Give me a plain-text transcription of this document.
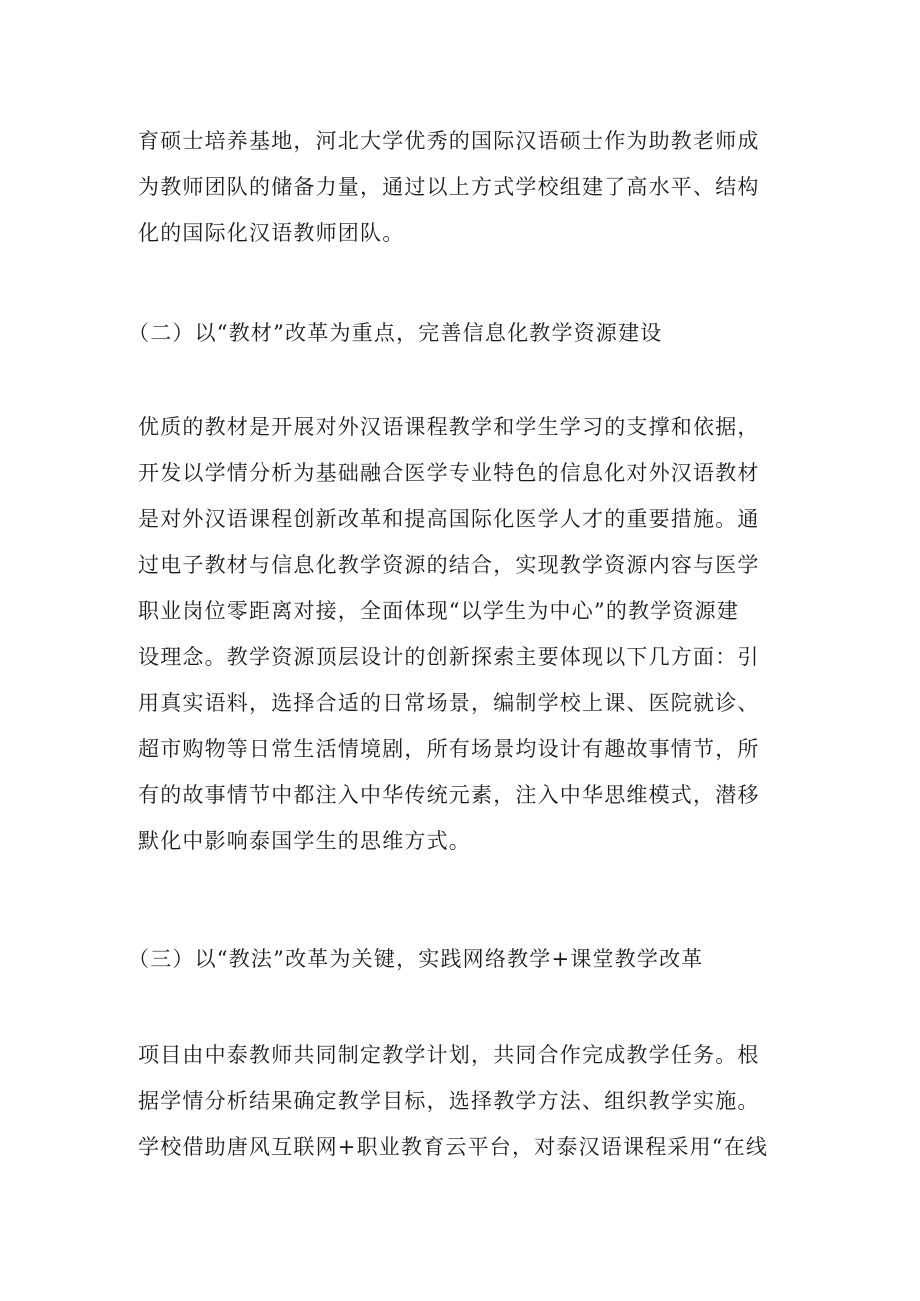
育硕士培养基地，河北大学优秀的国际汉语硕士作为助教老师成
为教师团队的储备力量，通过以上方式学校组建了高水平、结构
化的国际化汉语教师团队。

（二）以“教材”改革为重点，完善信息化教学资源建设

优质的教材是开展对外汉语课程教学和学生学习的支撑和依据，
开发以学情分析为基础融合医学专业特色的信息化对外汉语教材
是对外汉语课程创新改革和提高国际化医学人才的重要措施。通
过电子教材与信息化教学资源的结合，实现教学资源内容与医学
职业岗位零距离对接，全面体现“以学生为中心”的教学资源建
设理念。教学资源顶层设计的创新探索主要体现以下几方面：引
用真实语料，选择合适的日常场景，编制学校上课、医院就诊、
超市购物等日常生活情境剧，所有场景均设计有趣故事情节，所
有的故事情节中都注入中华传统元素，注入中华思维模式，潜移
默化中影响泰国学生的思维方式。

（三）以“教法”改革为关键，实践网络教学+课堂教学改革

项目由中泰教师共同制定教学计划，共同合作完成教学任务。根
据学情分析结果确定教学目标，选择教学方法、组织教学实施。
学校借助唐风互联网+职业教育云平台，对泰汉语课程采用“在线
